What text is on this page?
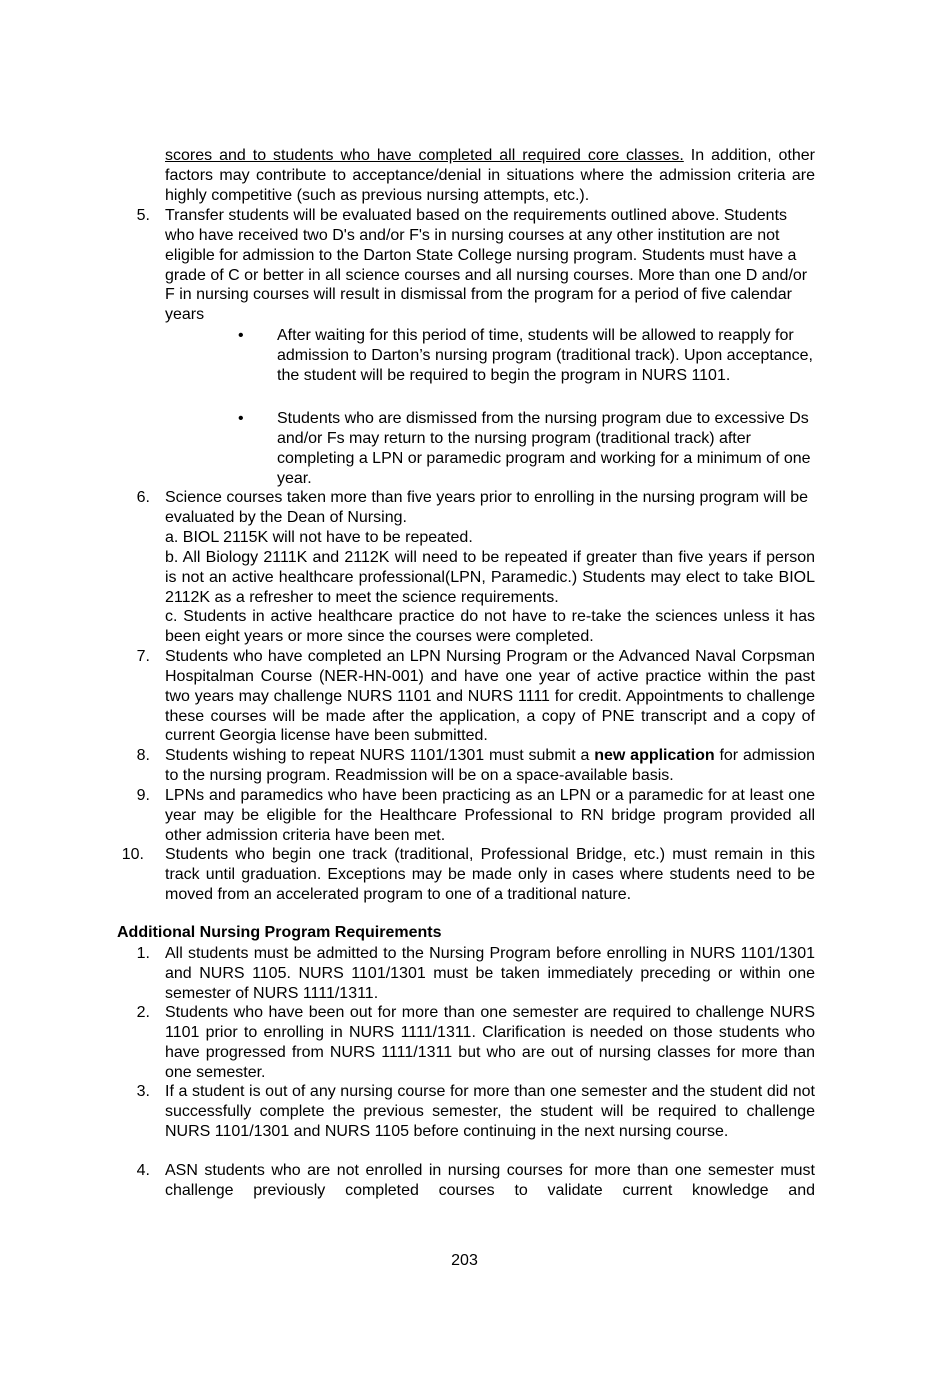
scores and to students who have completed all required core classes. In addition, other factors may contribute to acceptance/denial in situations where the admission criteria are highly competitive (such as previous nursing attempts, etc.).
5. Transfer students will be evaluated based on the requirements outlined above. Students who have received two D's and/or F's in nursing courses at any other institution are not eligible for admission to the Darton State College nursing program. Students must have a grade of C or better in all science courses and all nursing courses. More than one D and/or F in nursing courses will result in dismissal from the program for a period of five calendar years
• After waiting for this period of time, students will be allowed to reapply for admission to Darton’s nursing program (traditional track). Upon acceptance, the student will be required to begin the program in NURS 1101.
• Students who are dismissed from the nursing program due to excessive Ds and/or Fs may return to the nursing program (traditional track) after completing a LPN or paramedic program and working for a minimum of one year.
6. Science courses taken more than five years prior to enrolling in the nursing program will be evaluated by the Dean of Nursing.
a. BIOL 2115K will not have to be repeated.
b. All Biology 2111K and 2112K will need to be repeated if greater than five years if person is not an active healthcare professional(LPN, Paramedic.) Students may elect to take BIOL 2112K as a refresher to meet the science requirements.
c. Students in active healthcare practice do not have to re-take the sciences unless it has been eight years or more since the courses were completed.
7. Students who have completed an LPN Nursing Program or the Advanced Naval Corpsman Hospitalman Course (NER-HN-001) and have one year of active practice within the past two years may challenge NURS 1101 and NURS 1111 for credit. Appointments to challenge these courses will be made after the application, a copy of PNE transcript and a copy of current Georgia license have been submitted.
8. Students wishing to repeat NURS 1101/1301 must submit a new application for admission to the nursing program. Readmission will be on a space-available basis.
9. LPNs and paramedics who have been practicing as an LPN or a paramedic for at least one year may be eligible for the Healthcare Professional to RN bridge program provided all other admission criteria have been met.
10. Students who begin one track (traditional, Professional Bridge, etc.) must remain in this track until graduation. Exceptions may be made only in cases where students need to be moved from an accelerated program to one of a traditional nature.
Additional Nursing Program Requirements
1. All students must be admitted to the Nursing Program before enrolling in NURS 1101/1301 and NURS 1105. NURS 1101/1301 must be taken immediately preceding or within one semester of NURS 1111/1311.
2. Students who have been out for more than one semester are required to challenge NURS 1101 prior to enrolling in NURS 1111/1311. Clarification is needed on those students who have progressed from NURS 1111/1311 but who are out of nursing classes for more than one semester.
3. If a student is out of any nursing course for more than one semester and the student did not successfully complete the previous semester, the student will be required to challenge NURS 1101/1301 and NURS 1105 before continuing in the next nursing course.
4. ASN students who are not enrolled in nursing courses for more than one semester must challenge previously completed courses to validate current knowledge and
203
